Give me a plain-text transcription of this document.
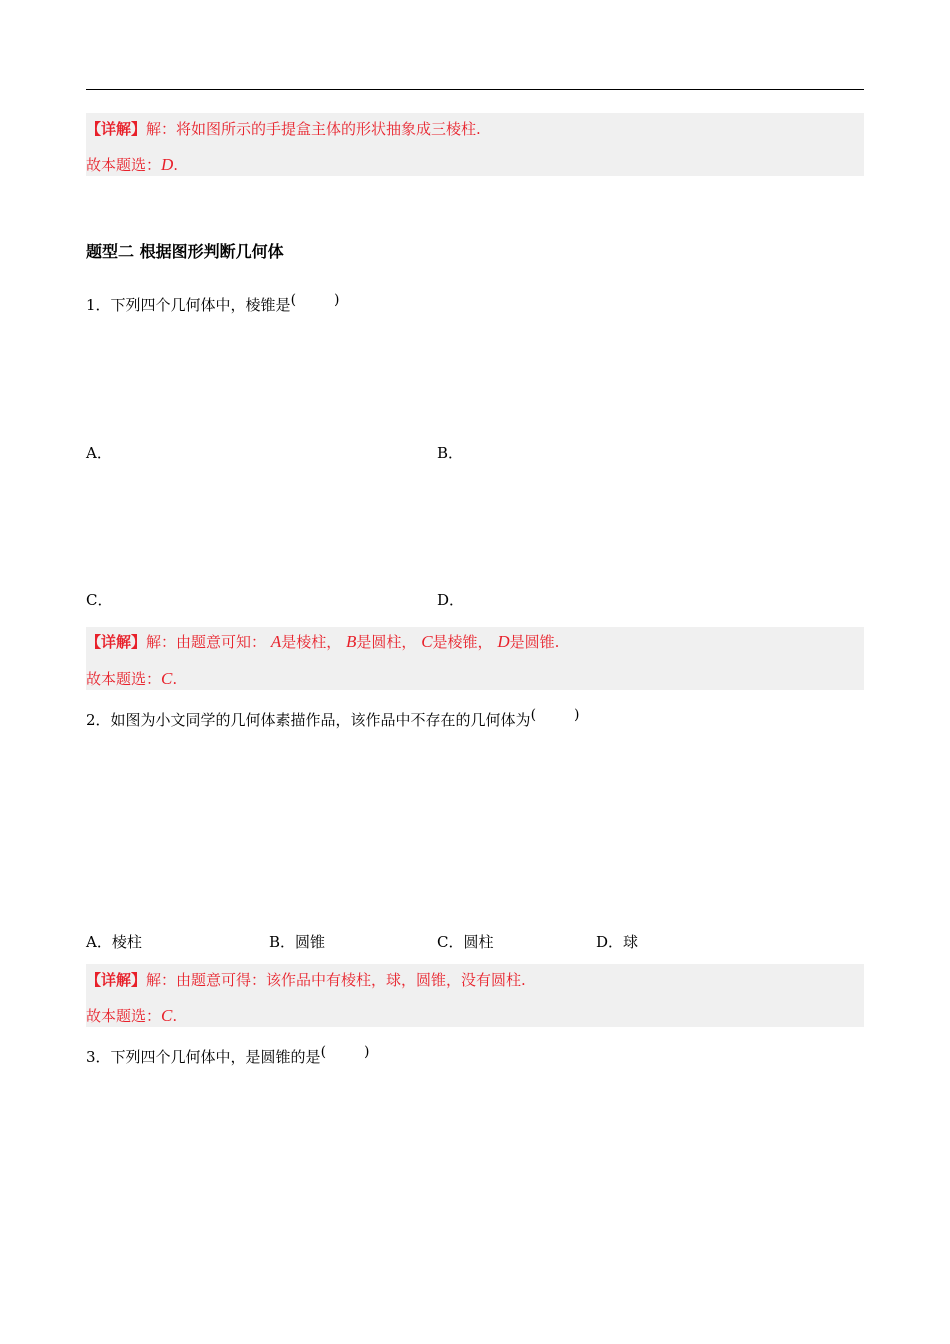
【详解】解：将如图所示的手提盒主体的形状抽象成三棱柱.
故本题选：D.
题型二 根据图形判断几何体
1．下列四个几何体中，棱锥是(	)
A．	B．
C．	D．
【详解】解：由题意可知： A是棱柱， B是圆柱， C是棱锥， D是圆锥.
故本题选：C.
2．如图为小文同学的几何体素描作品，该作品中不存在的几何体为(	)
A．棱柱	B．圆锥	C．圆柱	D．球
【详解】解：由题意可得：该作品中有棱柱，球，圆锥，没有圆柱.
故本题选：C.
3．下列四个几何体中，是圆锥的是(	)
